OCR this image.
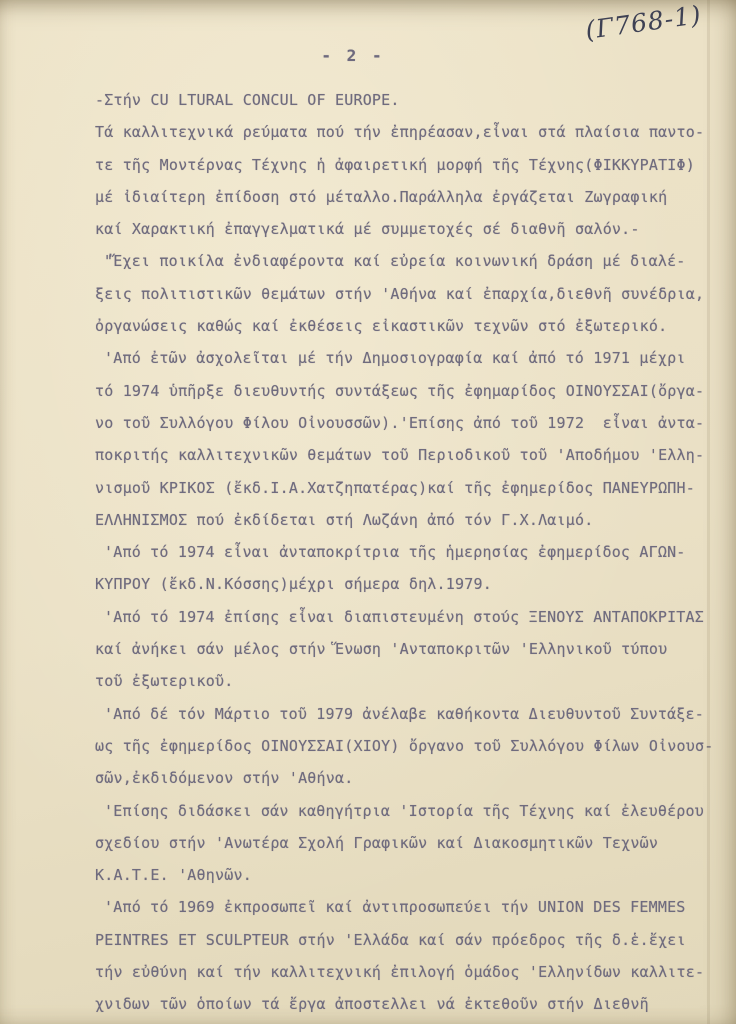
(Γ768-1)
- 2 -
-Στήν CU LTURAL CONCUL OF EUROPE.
Τά καλλιτεχνικά ρεύματα πού τήν ἐπηρέασαν,εἶναι στά πλαίσια παντο-
τε τῆς Μοντέρνας Τέχνης ἡ ἀφαιρετική μορφή τῆς Τέχνης(ΦΙΚΚΥΡΑΤΙΦ)
μέ ἰδιαίτερη ἐπίδοση στό μέταλλο.Παράλληλα ἐργάζεται Ζωγραφική
καί Χαρακτική ἐπαγγελματικά μέ συμμετοχές σέ διαθνῆ σαλόν.-
"Ἔχει ποικίλα ἐνδιαφέροντα καί εὐρεία κοινωνική δράση μέ διαλέ-
ξεις πολιτιστικῶν θεμάτων στήν 'Αθήνα καί ἐπαρχία,διεθνῆ συνέδρια,
ὀργανώσεις καθώς καί ἐκθέσεις εἰκαστικῶν τεχνῶν στό ἐξωτερικό.
'Από ἐτῶν ἀσχολεῖται μέ τήν Δημοσιογραφία καί ἀπό τό 1971 μέχρι
τό 1974 ὑπῆρξε διευθυντής συντάξεως τῆς ἐφημαρίδος ΟΙΝΟΥΣΣΑΙ(ὄργα-
νο τοῦ Συλλόγου Φίλου Οἰνουσσῶν).'Επίσης ἀπό τοῦ 1972  εἶναι ἀντα-
ποκριτής καλλιτεχνικῶν θεμάτων τοῦ Περιοδικοῦ τοῦ 'Αποδήμου 'Ελλη-
νισμοῦ ΚΡΙΚΟΣ (ἔκδ.Ι.Α.Χατζηπατέρας)καί τῆς ἐφημερίδος ΠΑΝΕΥΡΩΠΗ-
ΕΛΛΗΝΙΣΜΟΣ πού ἐκδίδεται στή Λωζάνη ἀπό τόν Γ.Χ.Λαιμό.
'Από τό 1974 εἶναι ἀνταποκρίτρια τῆς ἡμερησίας ἐφημερίδος ΑΓΩΝ-
ΚΥΠΡΟΥ (ἔκδ.Ν.Κόσσης)μέχρι σήμερα δηλ.1979.
'Από τό 1974 ἐπίσης εἶναι διαπιστευμένη στούς ΞΕΝΟΥΣ ΑΝΤΑΠΟΚΡΙΤΑΣ
καί ἀνήκει σάν μέλος στήν Ἕνωση 'Ανταποκριτῶν 'Ελληνικοῦ τύπου
τοῦ ἐξωτερικοῦ.
'Από δέ τόν Μάρτιο τοῦ 1979 ἀνέλαβε καθήκοντα Διευθυντοῦ Συντάξε-
ως τῆς ἐφημερίδος ΟΙΝΟΥΣΣΑΙ(ΧΙΟΥ) ὄργανο τοῦ Συλλόγου Φίλων Οἰνουσ-
σῶν,ἐκδιδόμενον στήν 'Αθήνα.
'Επίσης διδάσκει σάν καθηγήτρια 'Ιστορία τῆς Τέχνης καί ἐλευθέρου
σχεδίου στήν 'Ανωτέρα Σχολή Γραφικῶν καί Διακοσμητικῶν Τεχνῶν
Κ.Α.Τ.Ε. 'Αθηνῶν.
'Από τό 1969 ἐκπροσωπεῖ καί ἀντιπροσωπεύει τήν UNION DES FEMMES
PEINTRES ET SCULPTEUR στήν 'Ελλάδα καί σάν πρόεδρος τῆς δ.ἑ.ἔχει
τήν εὐθύνη καί τήν καλλιτεχνική ἐπιλογή ὁμάδος 'Ελληνίδων καλλιτε-
χνιδων τῶν ὁποίων τά ἔργα ἀποστελλει νά ἐκτεθοῦν στήν Διεθνῆ
